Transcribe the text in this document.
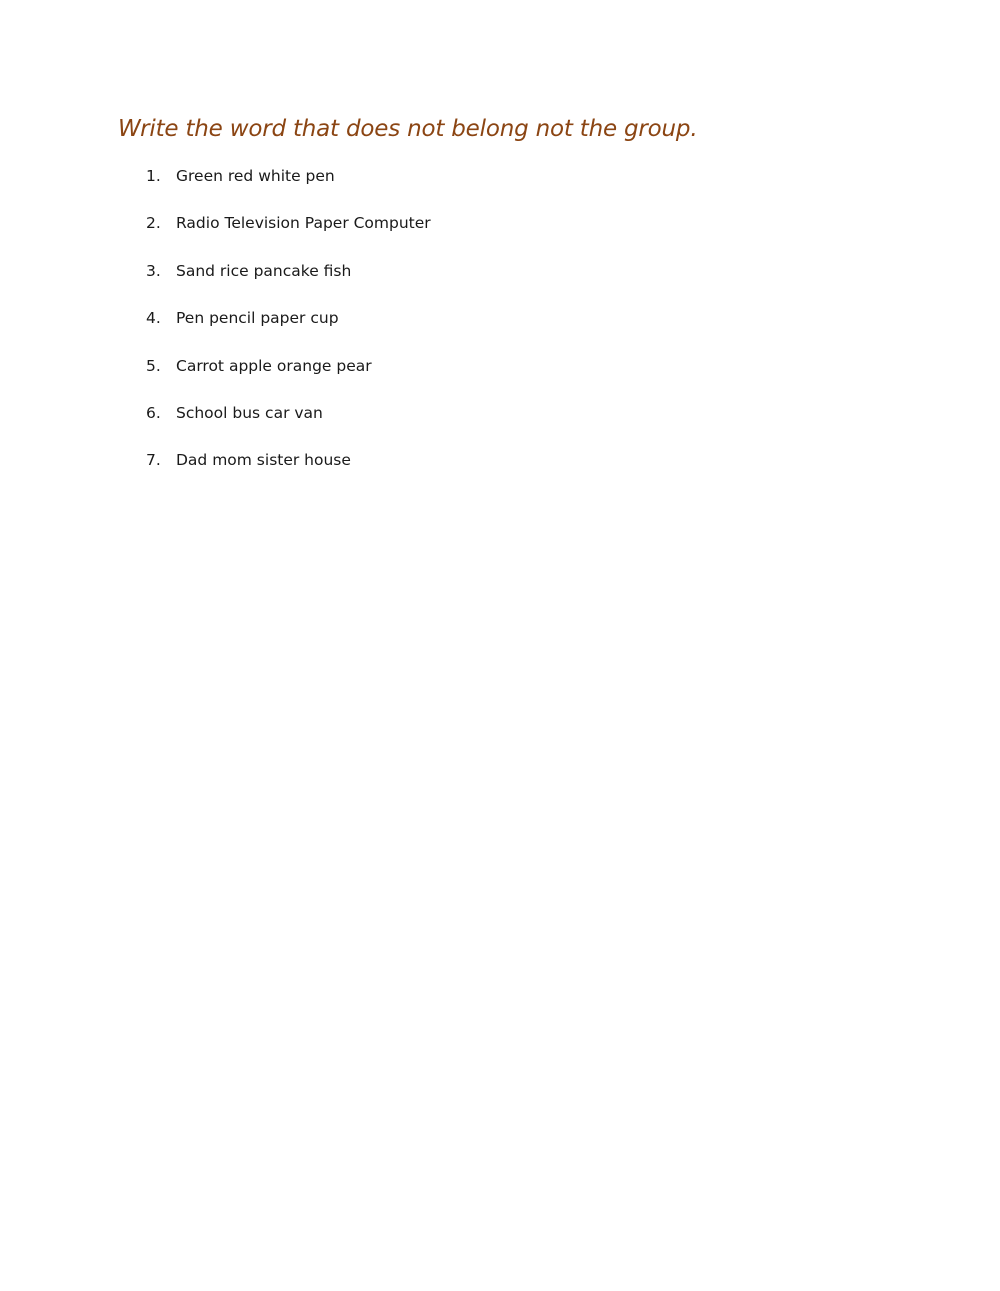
Write the word that does not belong not the group.
1. Green red white pen
2. Radio Television Paper Computer
3. Sand rice pancake fish
4. Pen pencil paper cup
5. Carrot apple orange pear
6. School bus car van
7. Dad mom sister house
